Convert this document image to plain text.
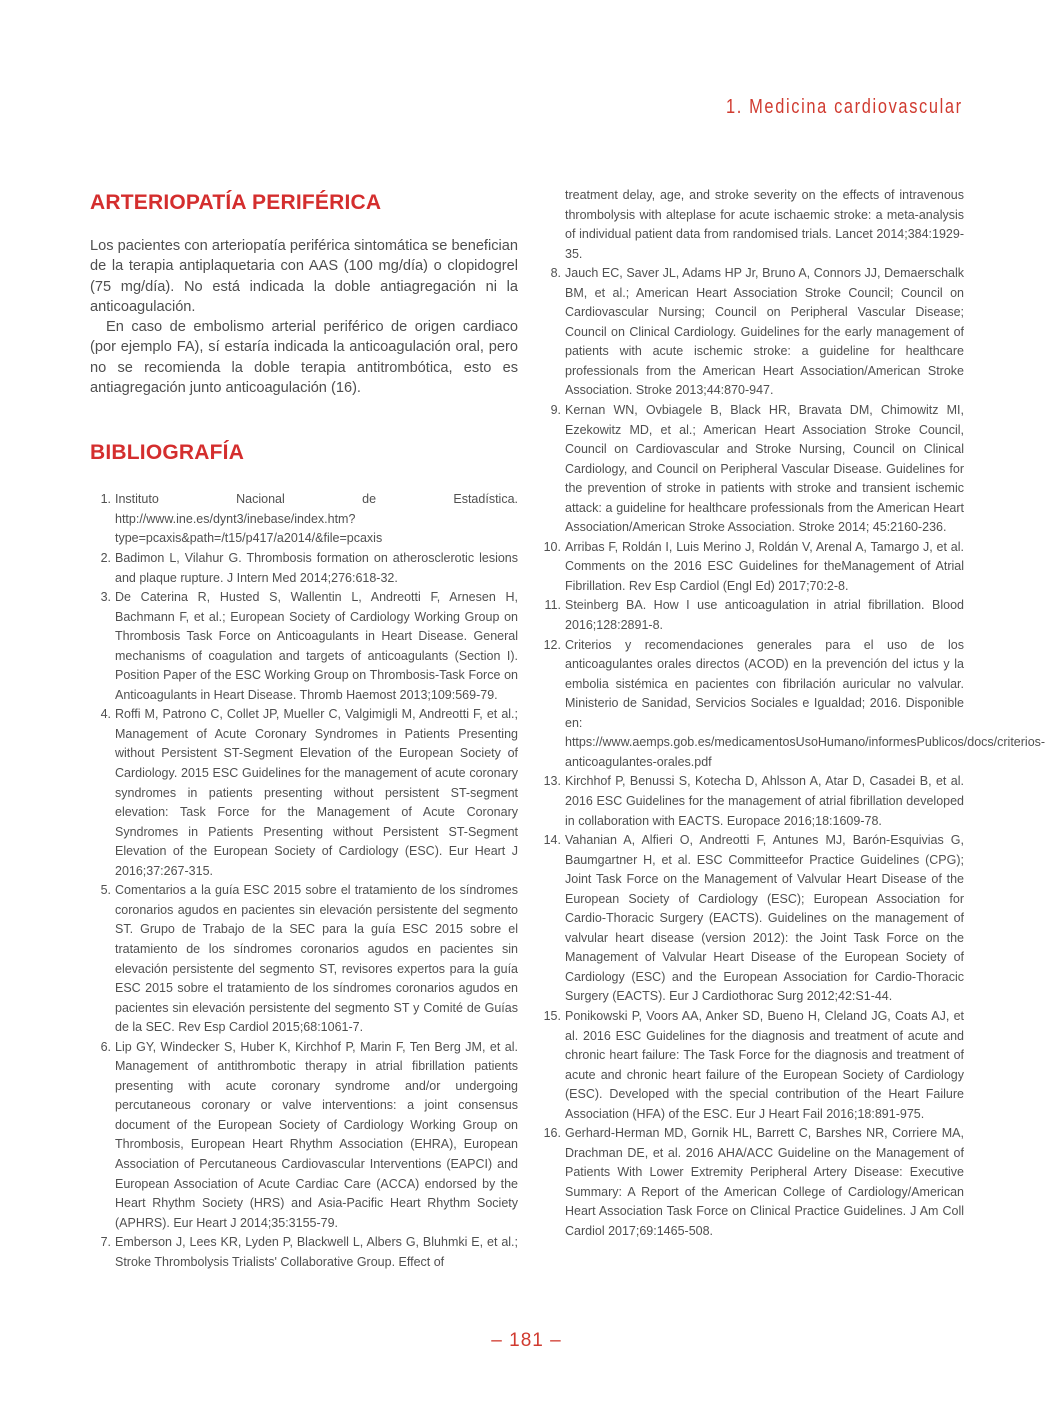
1. Medicina cardiovascular
ARTERIOPATÍA PERIFÉRICA

Los pacientes con arteriopatía periférica sintomática se benefician de la terapia antiplaquetaria con AAS (100 mg/día) o clopidogrel (75 mg/día). No está indicada la doble antiagregación ni la anticoagulación.

En caso de embolismo arterial periférico de origen cardiaco (por ejemplo FA), sí estaría indicada la anticoagulación oral, pero no se recomienda la doble terapia antitrombótica, esto es antiagregación junto anticoagulación (16).

BIBLIOGRAFÍA
1. Instituto Nacional de Estadística. http://www.ine.es/dynt3/inebase/index.htm?type=pcaxis&path=/t15/p417/a2014/&file=pcaxis
2. Badimon L, Vilahur G. Thrombosis formation on atherosclerotic lesions and plaque rupture. J Intern Med 2014;276:618-32.
3. De Caterina R, Husted S, Wallentin L, Andreotti F, Arnesen H, Bachmann F, et al.; European Society of Cardiology Working Group on Thrombosis Task Force on Anticoagulants in Heart Disease. General mechanisms of coagulation and targets of anticoagulants (Section I). Position Paper of the ESC Working Group on Thrombosis-Task Force on Anticoagulants in Heart Disease. Thromb Haemost 2013;109:569-79.
4. Roffi M, Patrono C, Collet JP, Mueller C, Valgimigli M, Andreotti F, et al.; Management of Acute Coronary Syndromes in Patients Presenting without Persistent ST-Segment Elevation of the European Society of Cardiology. 2015 ESC Guidelines for the management of acute coronary syndromes in patients presenting without persistent ST-segment elevation: Task Force for the Management of Acute Coronary Syndromes in Patients Presenting without Persistent ST-Segment Elevation of the European Society of Cardiology (ESC). Eur Heart J 2016;37:267-315.
5. Comentarios a la guía ESC 2015 sobre el tratamiento de los síndromes coronarios agudos en pacientes sin elevación persistente del segmento ST. Grupo de Trabajo de la SEC para la guía ESC 2015 sobre el tratamiento de los síndromes coronarios agudos en pacientes sin elevación persistente del segmento ST, revisores expertos para la guía ESC 2015 sobre el tratamiento de los síndromes coronarios agudos en pacientes sin elevación persistente del segmento ST y Comité de Guías de la SEC. Rev Esp Cardiol 2015;68:1061-7.
6. Lip GY, Windecker S, Huber K, Kirchhof P, Marin F, Ten Berg JM, et al. Management of antithrombotic therapy in atrial fibrillation patients presenting with acute coronary syndrome and/or undergoing percutaneous coronary or valve interventions: a joint consensus document of the European Society of Cardiology Working Group on Thrombosis, European Heart Rhythm Association (EHRA), European Association of Percutaneous Cardiovascular Interventions (EAPCI) and European Association of Acute Cardiac Care (ACCA) endorsed by the Heart Rhythm Society (HRS) and Asia-Pacific Heart Rhythm Society (APHRS). Eur Heart J 2014;35:3155-79.
7. Emberson J, Lees KR, Lyden P, Blackwell L, Albers G, Bluhmki E, et al.; Stroke Thrombolysis Trialists' Collaborative Group. Effect of
treatment delay, age, and stroke severity on the effects of intravenous thrombolysis with alteplase for acute ischaemic stroke: a meta-analysis of individual patient data from randomised trials. Lancet 2014;384:1929-35.
8. Jauch EC, Saver JL, Adams HP Jr, Bruno A, Connors JJ, Demaerschalk BM, et al.; American Heart Association Stroke Council; Council on Cardiovascular Nursing; Council on Peripheral Vascular Disease; Council on Clinical Cardiology. Guidelines for the early management of patients with acute ischemic stroke: a guideline for healthcare professionals from the American Heart Association/American Stroke Association. Stroke 2013;44:870-947.
9. Kernan WN, Ovbiagele B, Black HR, Bravata DM, Chimowitz MI, Ezekowitz MD, et al.; American Heart Association Stroke Council, Council on Cardiovascular and Stroke Nursing, Council on Clinical Cardiology, and Council on Peripheral Vascular Disease. Guidelines for the prevention of stroke in patients with stroke and transient ischemic attack: a guideline for healthcare professionals from the American Heart Association/American Stroke Association. Stroke 2014; 45:2160-236.
10. Arribas F, Roldán I, Luis Merino J, Roldán V, Arenal A, Tamargo J, et al. Comments on the 2016 ESC Guidelines for theManagement of Atrial Fibrillation. Rev Esp Cardiol (Engl Ed) 2017;70:2-8.
11. Steinberg BA. How I use anticoagulation in atrial fibrillation. Blood 2016;128:2891-8.
12. Criterios y recomendaciones generales para el uso de los anticoagulantes orales directos (ACOD) en la prevención del ictus y la embolia sistémica en pacientes con fibrilación auricular no valvular. Ministerio de Sanidad, Servicios Sociales e Igualdad; 2016. Disponible en: https://www.aemps.gob.es/medicamentosUsoHumano/informesPublicos/docs/criterios-anticoagulantes-orales.pdf
13. Kirchhof P, Benussi S, Kotecha D, Ahlsson A, Atar D, Casadei B, et al. 2016 ESC Guidelines for the management of atrial fibrillation developed in collaboration with EACTS. Europace 2016;18:1609-78.
14. Vahanian A, Alfieri O, Andreotti F, Antunes MJ, Barón-Esquivias G, Baumgartner H, et al. ESC Committeefor Practice Guidelines (CPG); Joint Task Force on the Management of Valvular Heart Disease of the European Society of Cardiology (ESC); European Association for Cardio-Thoracic Surgery (EACTS). Guidelines on the management of valvular heart disease (version 2012): the Joint Task Force on the Management of Valvular Heart Disease of the European Society of Cardiology (ESC) and the European Association for Cardio-Thoracic Surgery (EACTS). Eur J Cardiothorac Surg 2012;42:S1-44.
15. Ponikowski P, Voors AA, Anker SD, Bueno H, Cleland JG, Coats AJ, et al. 2016 ESC Guidelines for the diagnosis and treatment of acute and chronic heart failure: The Task Force for the diagnosis and treatment of acute and chronic heart failure of the European Society of Cardiology (ESC). Developed with the special contribution of the Heart Failure Association (HFA) of the ESC. Eur J Heart Fail 2016;18:891-975.
16. Gerhard-Herman MD, Gornik HL, Barrett C, Barshes NR, Corriere MA, Drachman DE, et al. 2016 AHA/ACC Guideline on the Management of Patients With Lower Extremity Peripheral Artery Disease: Executive Summary: A Report of the American College of Cardiology/American Heart Association Task Force on Clinical Practice Guidelines. J Am Coll Cardiol 2017;69:1465-508.
– 181 –
